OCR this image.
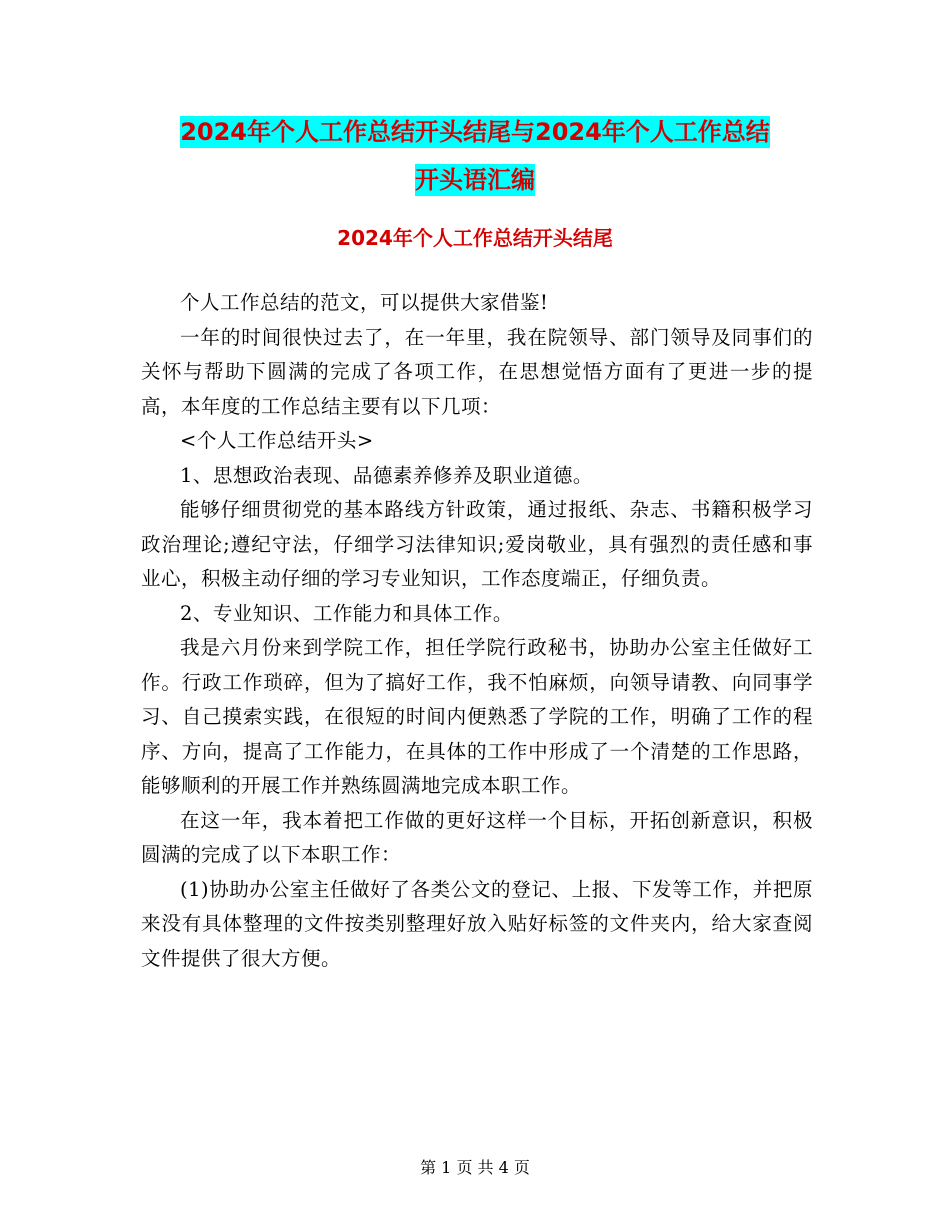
2024年个人工作总结开头结尾与2024年个人工作总结
开头语汇编
2024年个人工作总结开头结尾

个人工作总结的范文，可以提供大家借鉴!

一年的时间很快过去了，在一年里，我在院领导、部门领导及同事们的关怀与帮助下圆满的完成了各项工作，在思想觉悟方面有了更进一步的提高，本年度的工作总结主要有以下几项：

<个人工作总结开头>

1、思想政治表现、品德素养修养及职业道德。

能够仔细贯彻党的基本路线方针政策，通过报纸、杂志、书籍积极学习政治理论;遵纪守法，仔细学习法律知识;爱岗敬业，具有强烈的责任感和事业心，积极主动仔细的学习专业知识，工作态度端正，仔细负责。

2、专业知识、工作能力和具体工作。

我是六月份来到学院工作，担任学院行政秘书，协助办公室主任做好工作。行政工作琐碎，但为了搞好工作，我不怕麻烦，向领导请教、向同事学习、自己摸索实践，在很短的时间内便熟悉了学院的工作，明确了工作的程序、方向，提高了工作能力，在具体的工作中形成了一个清楚的工作思路，能够顺利的开展工作并熟练圆满地完成本职工作。

在这一年，我本着把工作做的更好这样一个目标，开拓创新意识，积极圆满的完成了以下本职工作：

(1)协助办公室主任做好了各类公文的登记、上报、下发等工作，并把原来没有具体整理的文件按类别整理好放入贴好标签的文件夹内，给大家查阅文件提供了很大方便。

第 1 页 共 4 页
